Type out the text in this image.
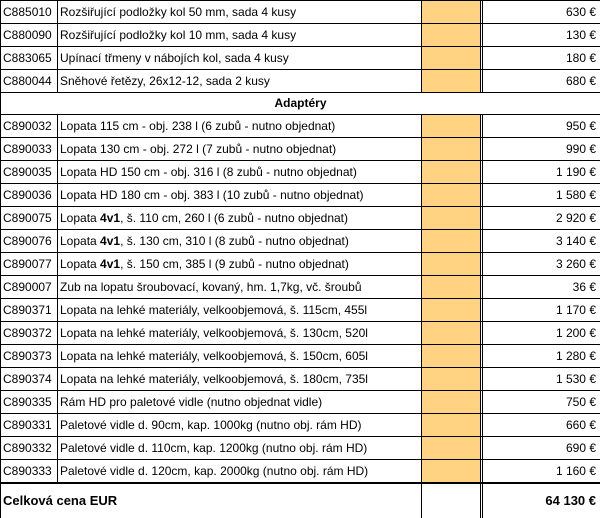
C885010	Rozšiřující podložky kol 50 mm, sada 4 kusy			630 €
C880090	Rozšiřující podložky kol 10 mm, sada 4 kusy			130 €
C883065	Upínací třmeny v nábojích kol, sada 4 kusy			180 €
C880044	Sněhové řetězy, 26x12-12, sada 2 kusy			680 €
Adaptéry				
C890032	Lopata 115 cm - obj. 238 l (6 zubů - nutno objednat)			950 €
C890033	Lopata 130 cm - obj. 272 l (7 zubů - nutno objednat)			990 €
C890035	Lopata HD 150 cm - obj. 316 l (8 zubů - nutno objednat)			1 190 €
C890036	Lopata HD 180 cm - obj. 383 l (10 zubů - nutno objednat)			1 580 €
C890075	Lopata 4v1, š. 110 cm, 260 l (6 zubů - nutno objednat)			2 920 €
C890076	Lopata 4v1, š. 130 cm, 310 l (8 zubů - nutno objednat)			3 140 €
C890077	Lopata 4v1, š. 150 cm, 385 l (9 zubů - nutno objednat)			3 260 €
C890007	Zub na lopatu šroubovací, kovaný, hm. 1,7kg, vč. šroubů			36 €
C890371	Lopata na lehké materiály, velkoobjemová, š. 115cm, 455l			1 170 €
C890372	Lopata na lehké materiály, velkoobjemová, š. 130cm, 520l			1 200 €
C890373	Lopata na lehké materiály, velkoobjemová, š. 150cm, 605l			1 280 €
C890374	Lopata na lehké materiály, velkoobjemová, š. 180cm, 735l			1 530 €
C890335	Rám HD pro paletové vidle (nutno objednat vidle)			750 €
C890331	Paletové vidle d. 90cm, kap. 1000kg (nutno obj. rám HD)			660 €
C890332	Paletové vidle d. 110cm, kap. 1200kg (nutno obj. rám HD)			690 €
C890333	Paletové vidle d. 120cm, kap. 2000kg (nutno obj. rám HD)			1 160 €
Celková cena EUR				64 130 €
